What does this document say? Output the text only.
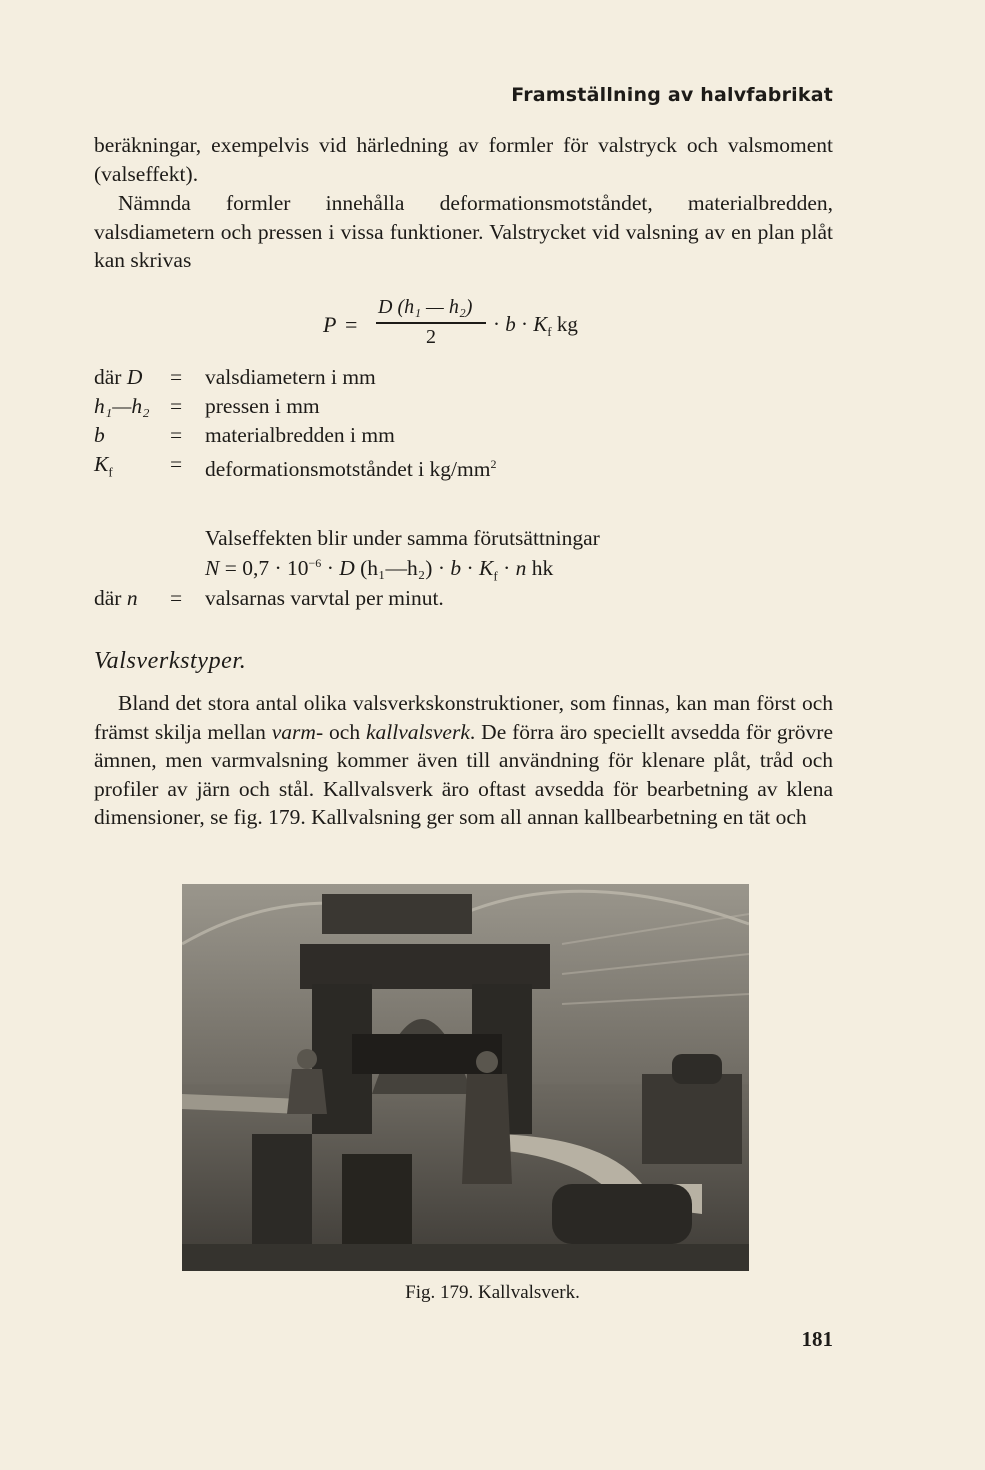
Framställning av halvfabrikat
beräkningar, exempelvis vid härledning av formler för valstryck och valsmoment (valseffekt).
Nämnda formler innehålla deformationsmotståndet, materialbredden, valsdiametern och pressen i vissa funktioner. Valstrycket vid valsning av en plan plåt kan skrivas
P =
D (h₁ — h₂)
2
· $b \cdot K_f$ kg
där D = valsdiametern i mm
h₁—h₂ = pressen i mm
b	= materialbredden i mm
$K_f$	= deformationsmotståndet i $kg/mm^2$
Valseffekten blir under samma förutsättningar
$N = 0,7 \cdot 10^{-6} \cdot D$ (h₁—h₂) · $b \cdot K_f \cdot n$ hk
där n = valsarnas varvtal per minut.
Valsverkstyper.
Bland det stora antal olika valsverkskonstruktioner, som finnas, kan man först och främst skilja mellan varm- och kallvalsverk. De förra äro speciellt avsedda för grövre ämnen, men varmvalsning kommer även till användning för klenare plåt, tråd och profiler av järn och stål. Kallvalsverk äro oftast avsedda för bearbetning av klena dimensioner, se fig. 179. Kallvalsning ger som all annan kallbearbetning en tät och
Fig. 179. Kallvalsverk.
181
